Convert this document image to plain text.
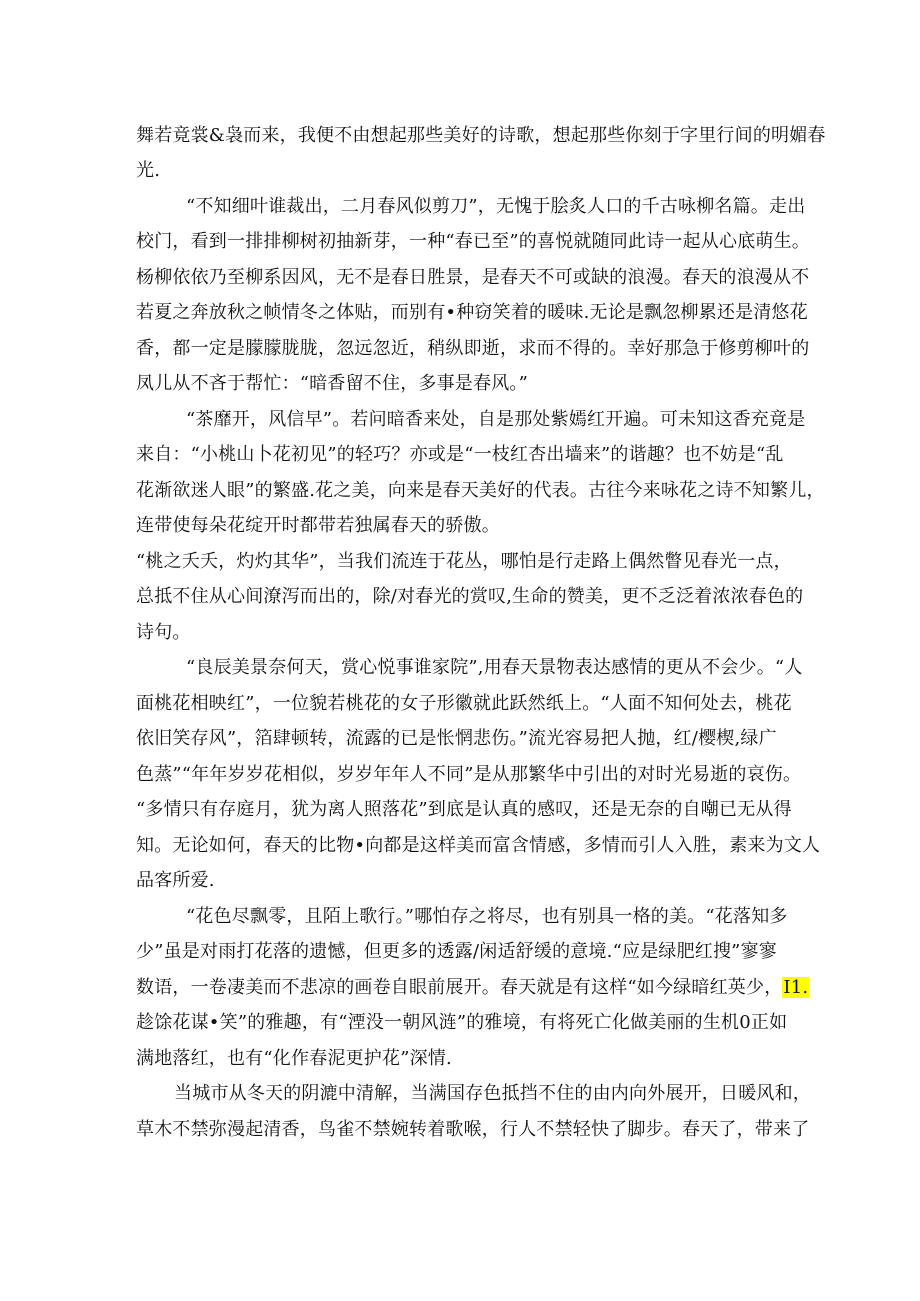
舞若竟裳&袅而来，我便不由想起那些美好的诗歌，想起那些你刻于字里行间的明媚春
光.
“不知细叶谁裁出，二月春风似剪刀”，无愧于脍炙人口的千古咏柳名篇。走出
校门，看到一排排柳树初抽新芽，一种“春已至”的喜悦就随同此诗一起从心底萌生。
杨柳依依乃至柳系因风，无不是春日胜景，是春天不可或缺的浪漫。春天的浪漫从不
若夏之奔放秋之帧情冬之体贴，而别有•种窃笑着的暖味.无论是飘忽柳累还是清悠花
香，都一定是朦朦胧胧，忽远忽近，稍纵即逝，求而不得的。幸好那急于修剪柳叶的
凤儿从不吝于帮忙：“暗香留不住，多事是春风。”
“茶靡开，风信早”。若问暗香来处，自是那处紫嫣红开遍。可未知这香充竟是
来自：“小桃山卜花初见”的轻巧？亦或是“一枝红杏出墙来”的谐趣？也不妨是“乱
花渐欲迷人眼”的繁盛.花之美，向来是春天美好的代表。古往今来咏花之诗不知繁儿，
连带使每朵花绽开时都带若独属春天的骄傲。
“桃之夭夭，灼灼其华”，当我们流连于花丛，哪怕是行走路上偶然瞥见春光一点，
总抵不住从心间潦泻而出的，除/对春光的赏叹,生命的赞美，更不乏泛着浓浓春色的
诗句。
“良辰美景奈何天，赏心悦事谁家院”,用春天景物表达感情的更从不会少。“人
面桃花相映红”，一位貌若桃花的女子形徽就此跃然纸上。“人面不知何处去，桃花
依旧笑存风”，箔肆顿转，流露的已是怅惘悲伤。”流光容易把人抛，红/樱楔,绿广
色蒸”“年年岁岁花相似，岁岁年年人不同”是从那繁华中引出的对时光易逝的哀伤。
“多情只有存庭月，犹为离人照落花”到底是认真的感叹，还是无奈的自嘲已无从得
知。无论如何，春天的比物•向都是这样美而富含情感，多情而引人入胜，素来为文人
品客所爱.
“花色尽飘零，且陌上歌行。”哪怕存之将尽，也有别具一格的美。“花落知多
少”虽是对雨打花落的遗憾，但更多的透露/闲适舒缓的意境.“应是绿肥红搜”寥寥
数语，一卷凄美而不悲凉的画卷自眼前展开。春天就是有这样“如今绿暗红英少，I1.
趁馀花谋•笑”的雅趣，有“湮没一朝风涟”的雅境，有将死亡化做美丽的生机0正如
满地落红，也有“化作春泥更护花”深情.
当城市从冬天的阴漉中清解，当满国存色抵挡不住的由内向外展开，日暖风和，
草木不禁弥漫起清香，鸟雀不禁婉转着歌喉，行人不禁轻快了脚步。春天了，带来了
